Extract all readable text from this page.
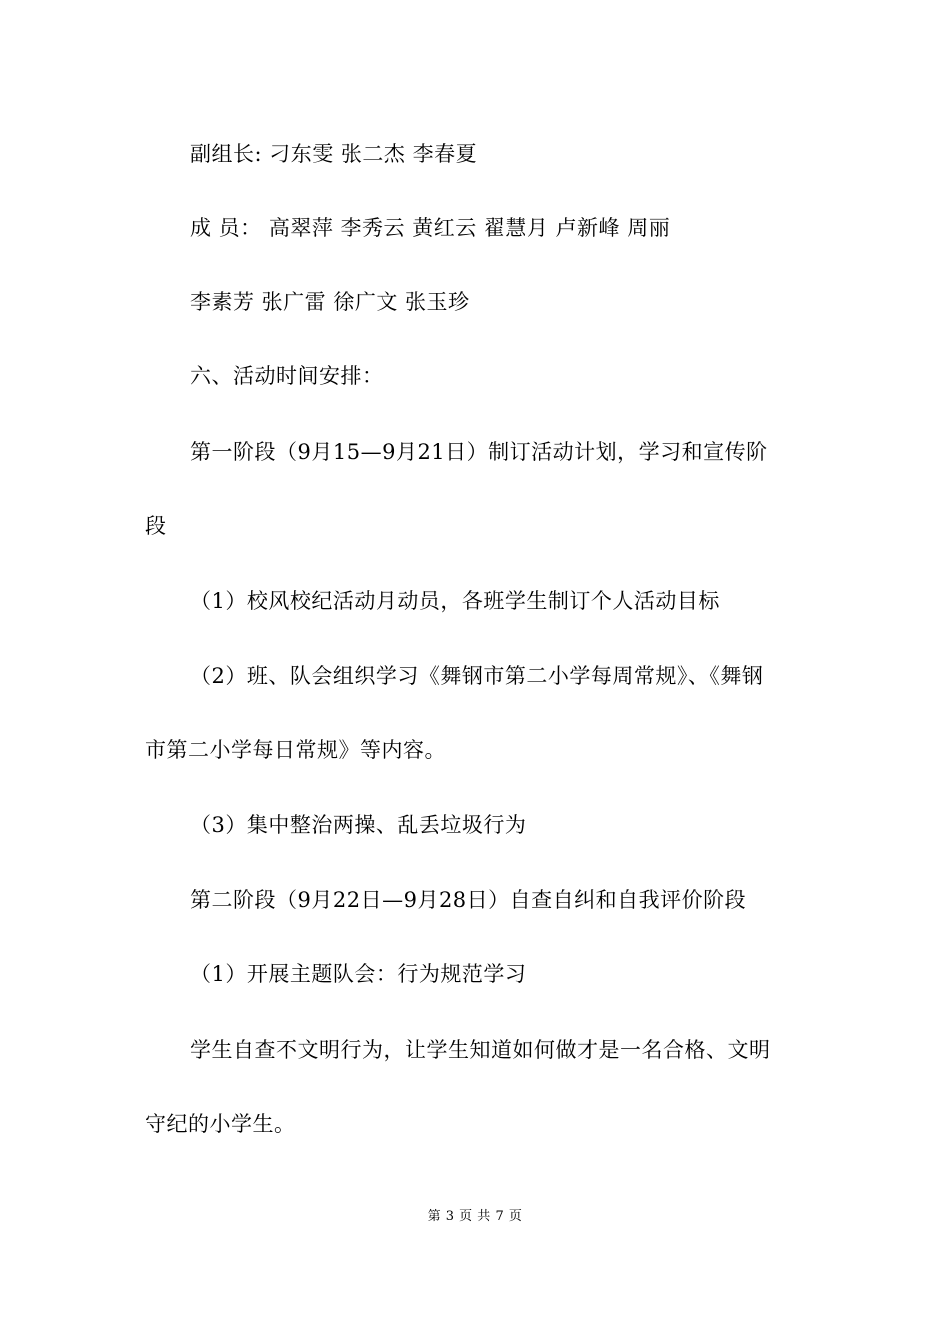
副组长: 刁东雯 张二杰 李春夏
成 员： 高翠萍 李秀云 黄红云 翟慧月 卢新峰 周丽
李素芳 张广雷 徐广文 张玉珍
六、活动时间安排：
第一阶段（9月15—9月21日）制订活动计划，学习和宣传阶
段
（1）校风校纪活动月动员，各班学生制订个人活动目标
（2）班、队会组织学习《舞钢市第二小学每周常规》、《舞钢
市第二小学每日常规》等内容。
（3）集中整治两操、乱丢垃圾行为
第二阶段（9月22日—9月28日）自查自纠和自我评价阶段
（1）开展主题队会：行为规范学习
学生自查不文明行为，让学生知道如何做才是一名合格、文明
守纪的小学生。
第 3 页 共 7 页
